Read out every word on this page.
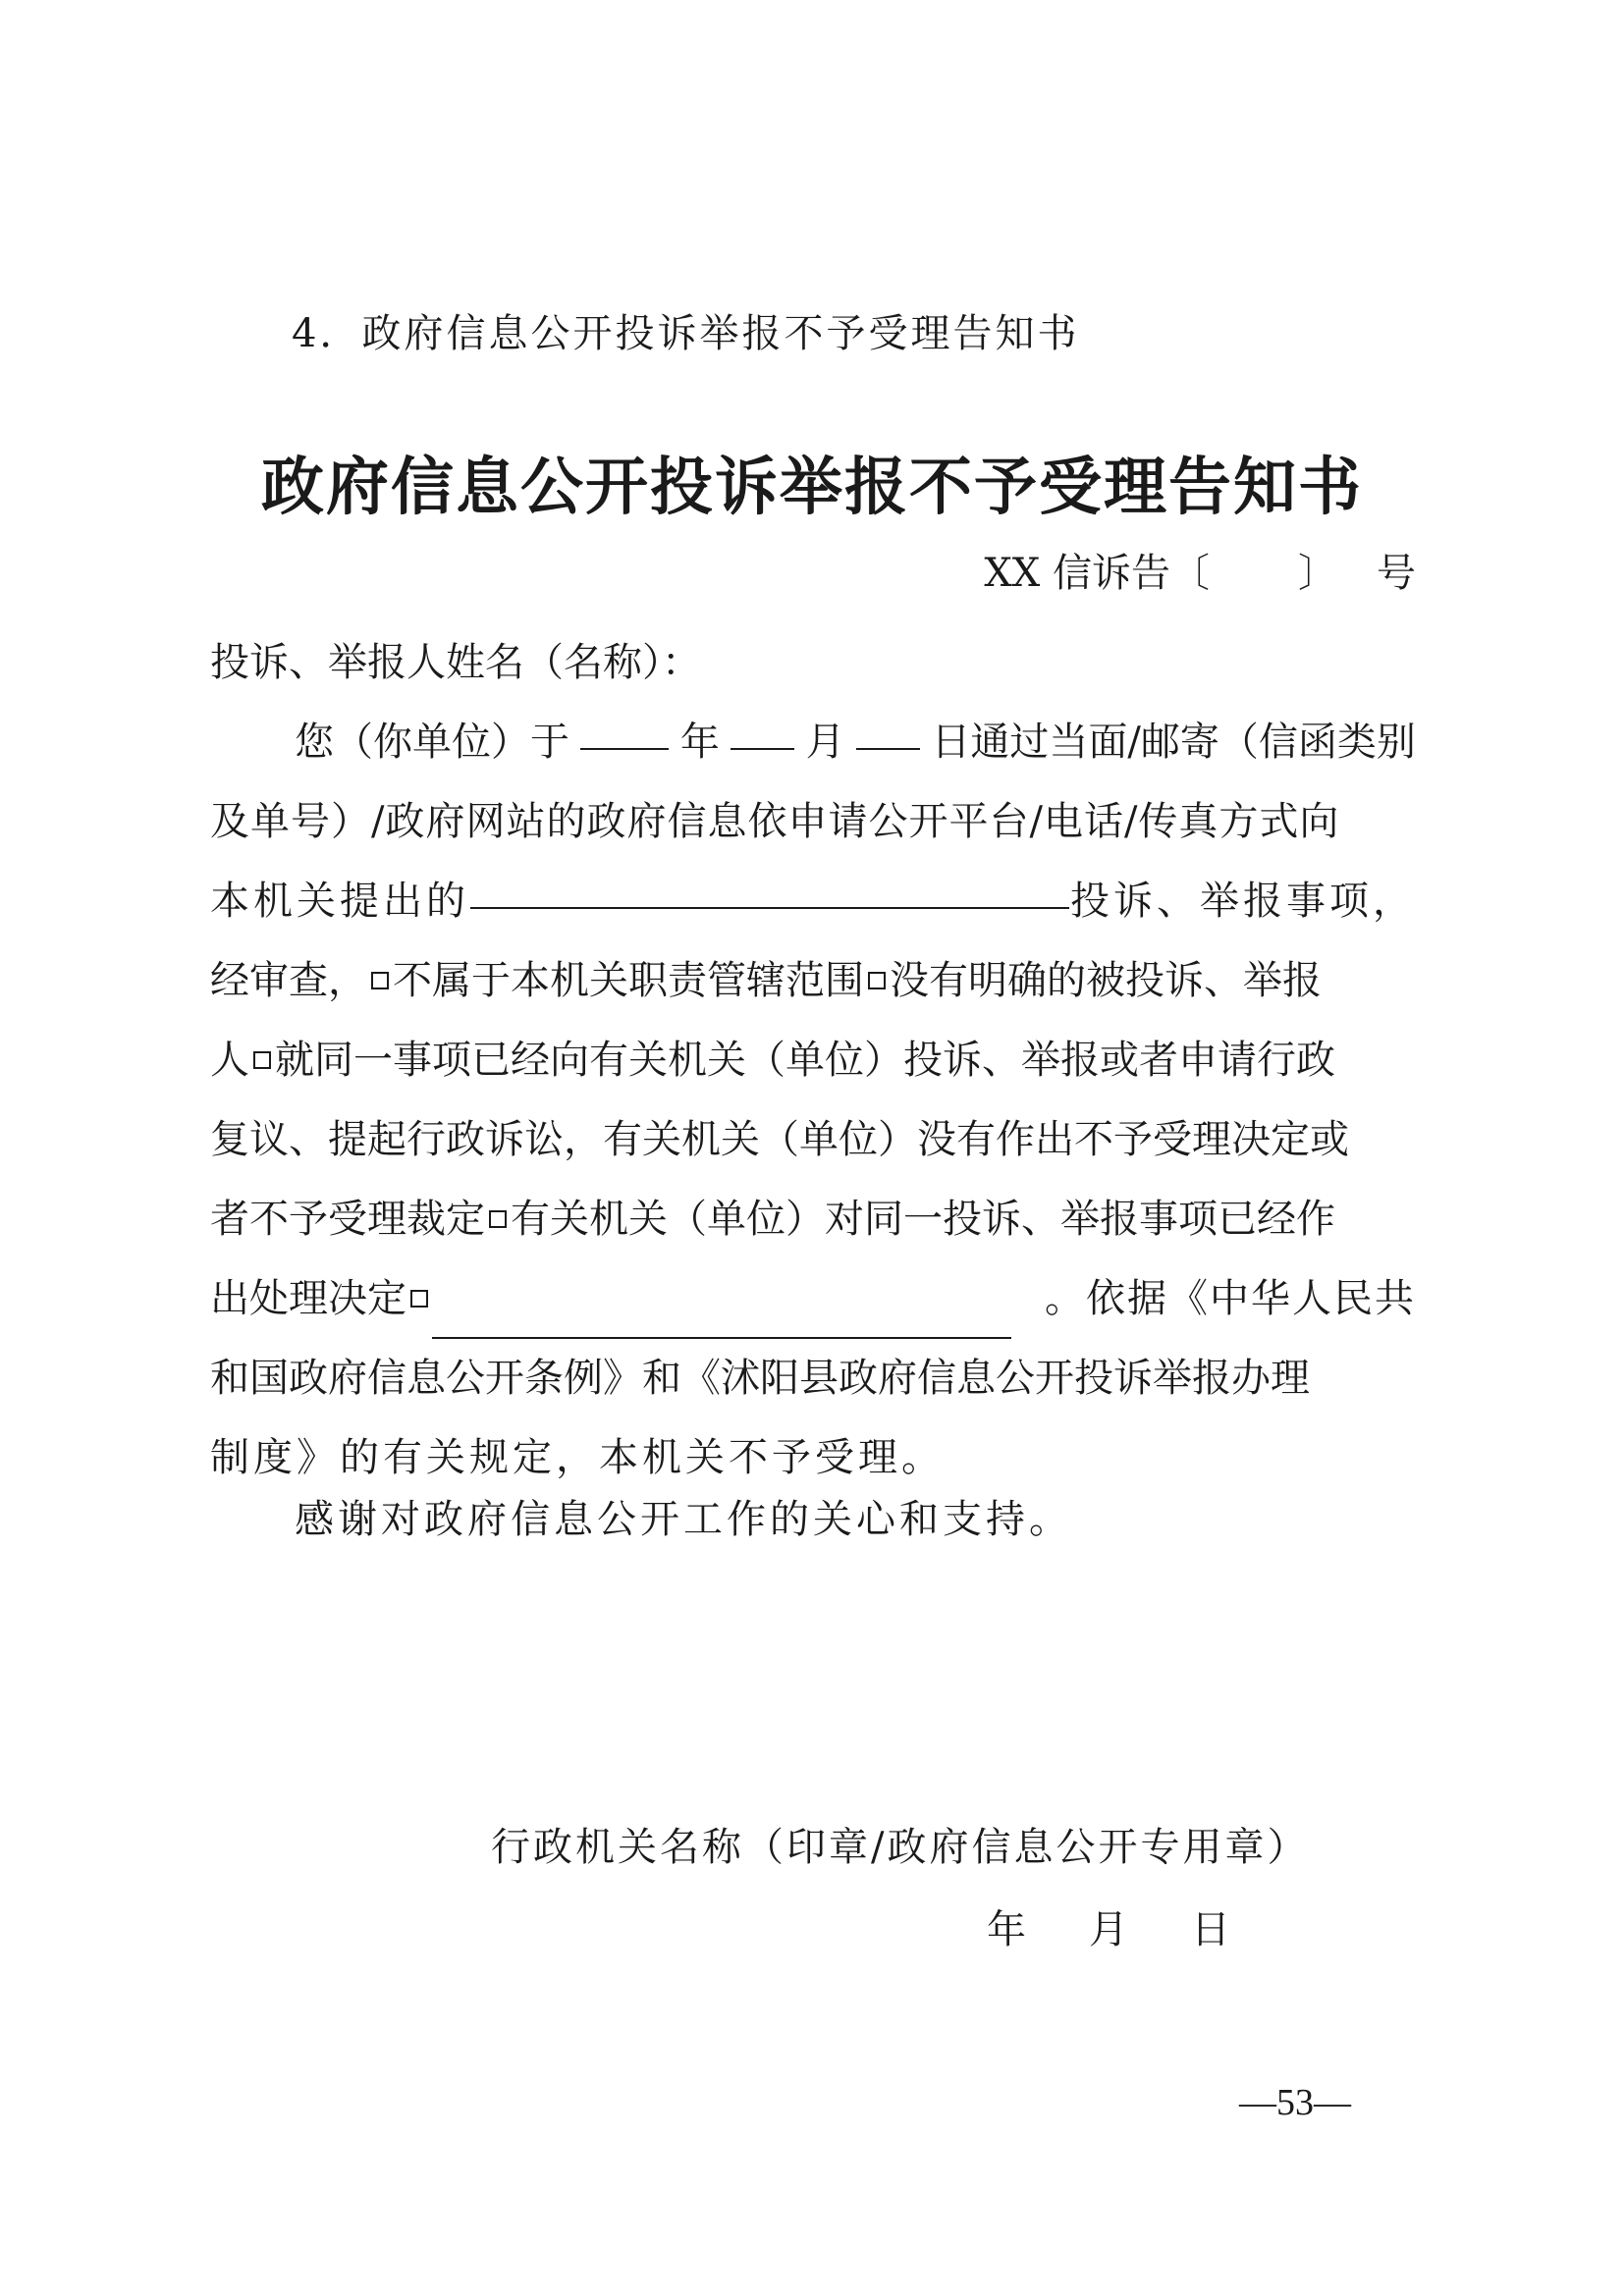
4．政府信息公开投诉举报不予受理告知书
政府信息公开投诉举报不予受理告知书
XX 信诉告〔 〕 号
投诉、举报人姓名（名称）：
您（你单位）于	年 月 日通过当面/邮寄（信函类别
及单号）/政府网站的政府信息依申请公开平台/电话/传真方式向
本机关提出的	投诉、举报事项，
经审查， 不属于本机关职责管辖范围 没有明确的被投诉、举报
人 就同一事项已经向有关机关（单位）投诉、举报或者申请行政
复议、提起行政诉讼，有关机关（单位）没有作出不予受理决定或
者不予受理裁定 有关机关（单位）对同一投诉、举报事项已经作
出处理决定	。依据《中华人民共
和国政府信息公开条例》和《沭阳县政府信息公开投诉举报办理
制度》的有关规定，本机关不予受理。
感谢对政府信息公开工作的关心和支持。
行政机关名称（印章/政府信息公开专用章）
年 月 日
—53—
